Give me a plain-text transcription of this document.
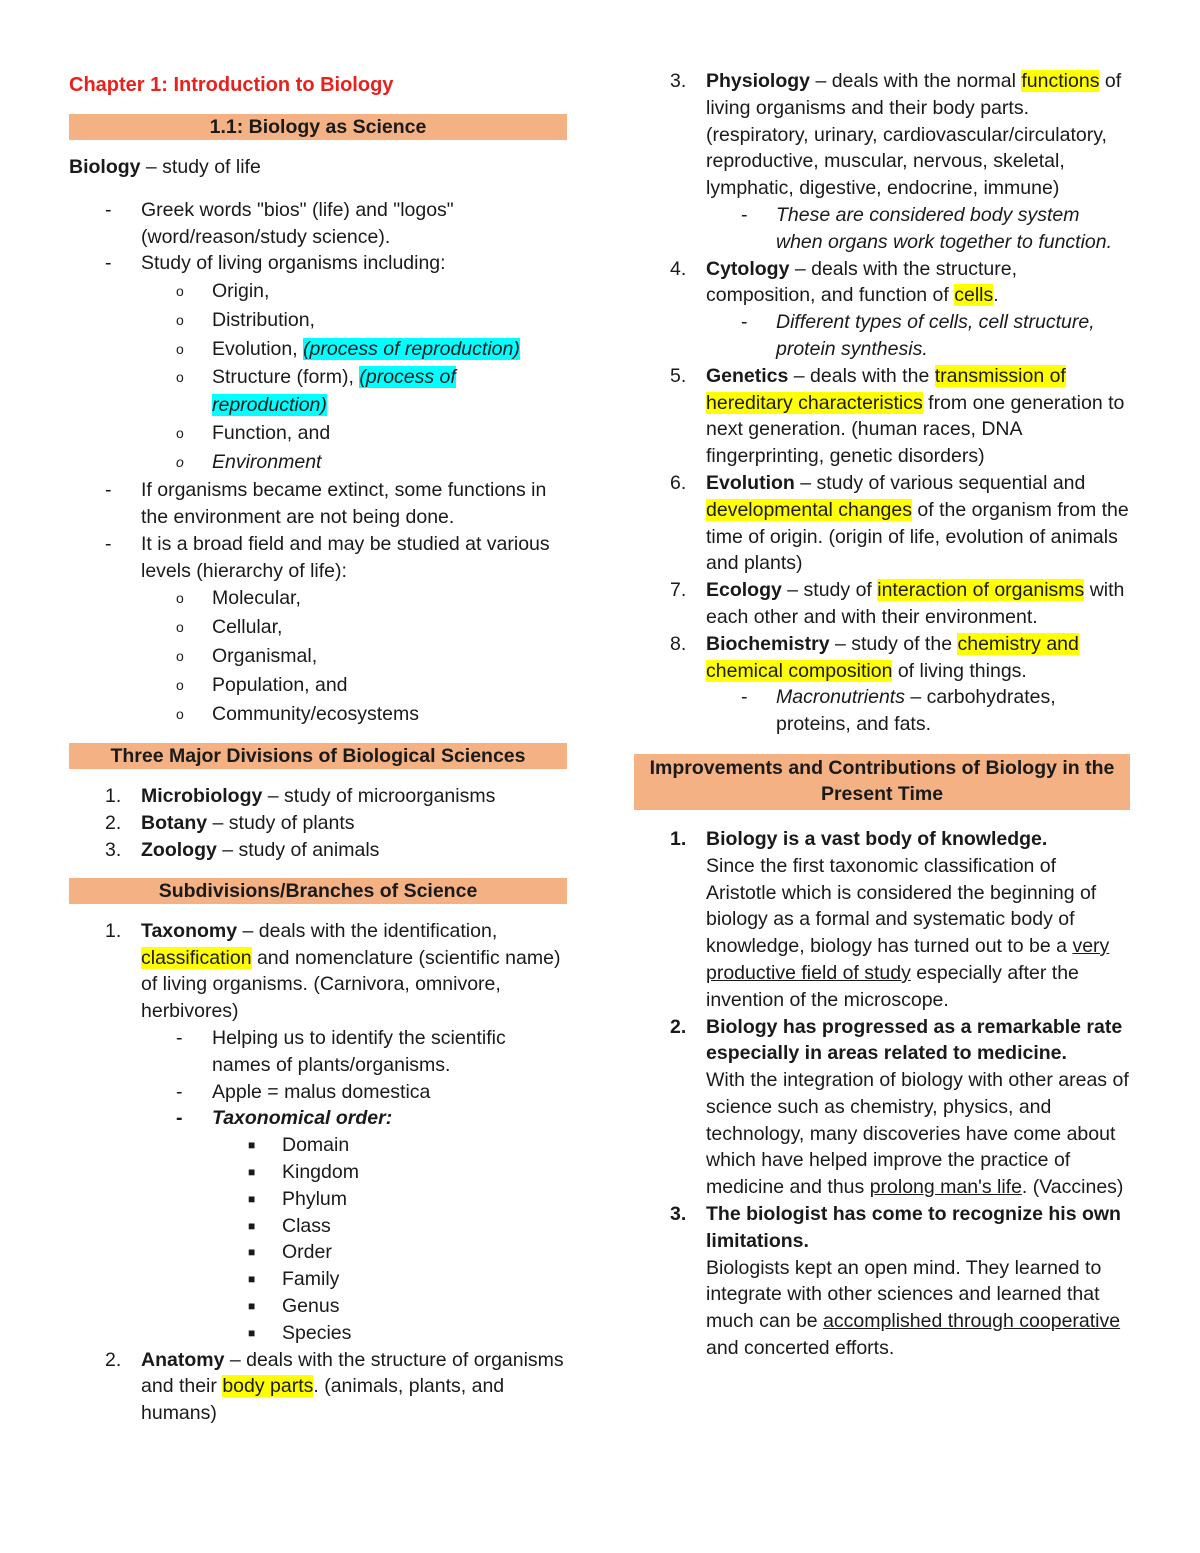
Chapter 1: Introduction to Biology

1.1: Biology as Science

Biology – study of life

-	Greek words "bios" (life) and "logos" (word/reason/study science).
-	Study of living organisms including:
o	Origin,
o	Distribution,
o	Evolution, (process of reproduction)
o	Structure (form), (process of reproduction)
o	Function, and
o	Environment
-	If organisms became extinct, some functions in the environment are not being done.
-	It is a broad field and may be studied at various levels (hierarchy of life):
o	Molecular,
o	Cellular,
o	Organismal,
o	Population, and
o	Community/ecosystems
Three Major Divisions of Biological Sciences
1.	Microbiology – study of microorganisms
2.	Botany – study of plants
3.	Zoology – study of animals
Subdivisions/Branches of Science
1.	Taxonomy – deals with the identification, classification and nomenclature (scientific name) of living organisms. (Carnivora, omnivore, herbivores)
-	Helping us to identify the scientific names of plants/organisms.
-	Apple = malus domestica
-	Taxonomical order:
■	Domain
■	Kingdom
■	Phylum
■	Class
■	Order
■	Family
■	Genus
■	Species
2.	Anatomy – deals with the structure of organisms and their body parts. (animals, plants, and humans)
3.	Physiology – deals with the normal functions of living organisms and their body parts. (respiratory, urinary, cardiovascular/circulatory, reproductive, muscular, nervous, skeletal, lymphatic, digestive, endocrine, immune)
-	These are considered body system when organs work together to function.
4.	Cytology – deals with the structure, composition, and function of cells.
-	Different types of cells, cell structure, protein synthesis.
5.	Genetics – deals with the transmission of hereditary characteristics from one generation to next generation. (human races, DNA fingerprinting, genetic disorders)
6.	Evolution – study of various sequential and developmental changes of the organism from the time of origin. (origin of life, evolution of animals and plants)
7.	Ecology – study of interaction of organisms with each other and with their environment.
8.	Biochemistry – study of the chemistry and chemical composition of living things.
-	Macronutrients – carbohydrates, proteins, and fats.
Improvements and Contributions of Biology in the Present Time
1.	Biology is a vast body of knowledge.
Since the first taxonomic classification of Aristotle which is considered the beginning of biology as a formal and systematic body of knowledge, biology has turned out to be a very productive field of study especially after the invention of the microscope.
2.	Biology has progressed as a remarkable rate especially in areas related to medicine.
With the integration of biology with other areas of science such as chemistry, physics, and technology, many discoveries have come about which have helped improve the practice of medicine and thus prolong man's life. (Vaccines)
3.	The biologist has come to recognize his own limitations.
Biologists kept an open mind. They learned to integrate with other sciences and learned that much can be accomplished through cooperative and concerted efforts.
